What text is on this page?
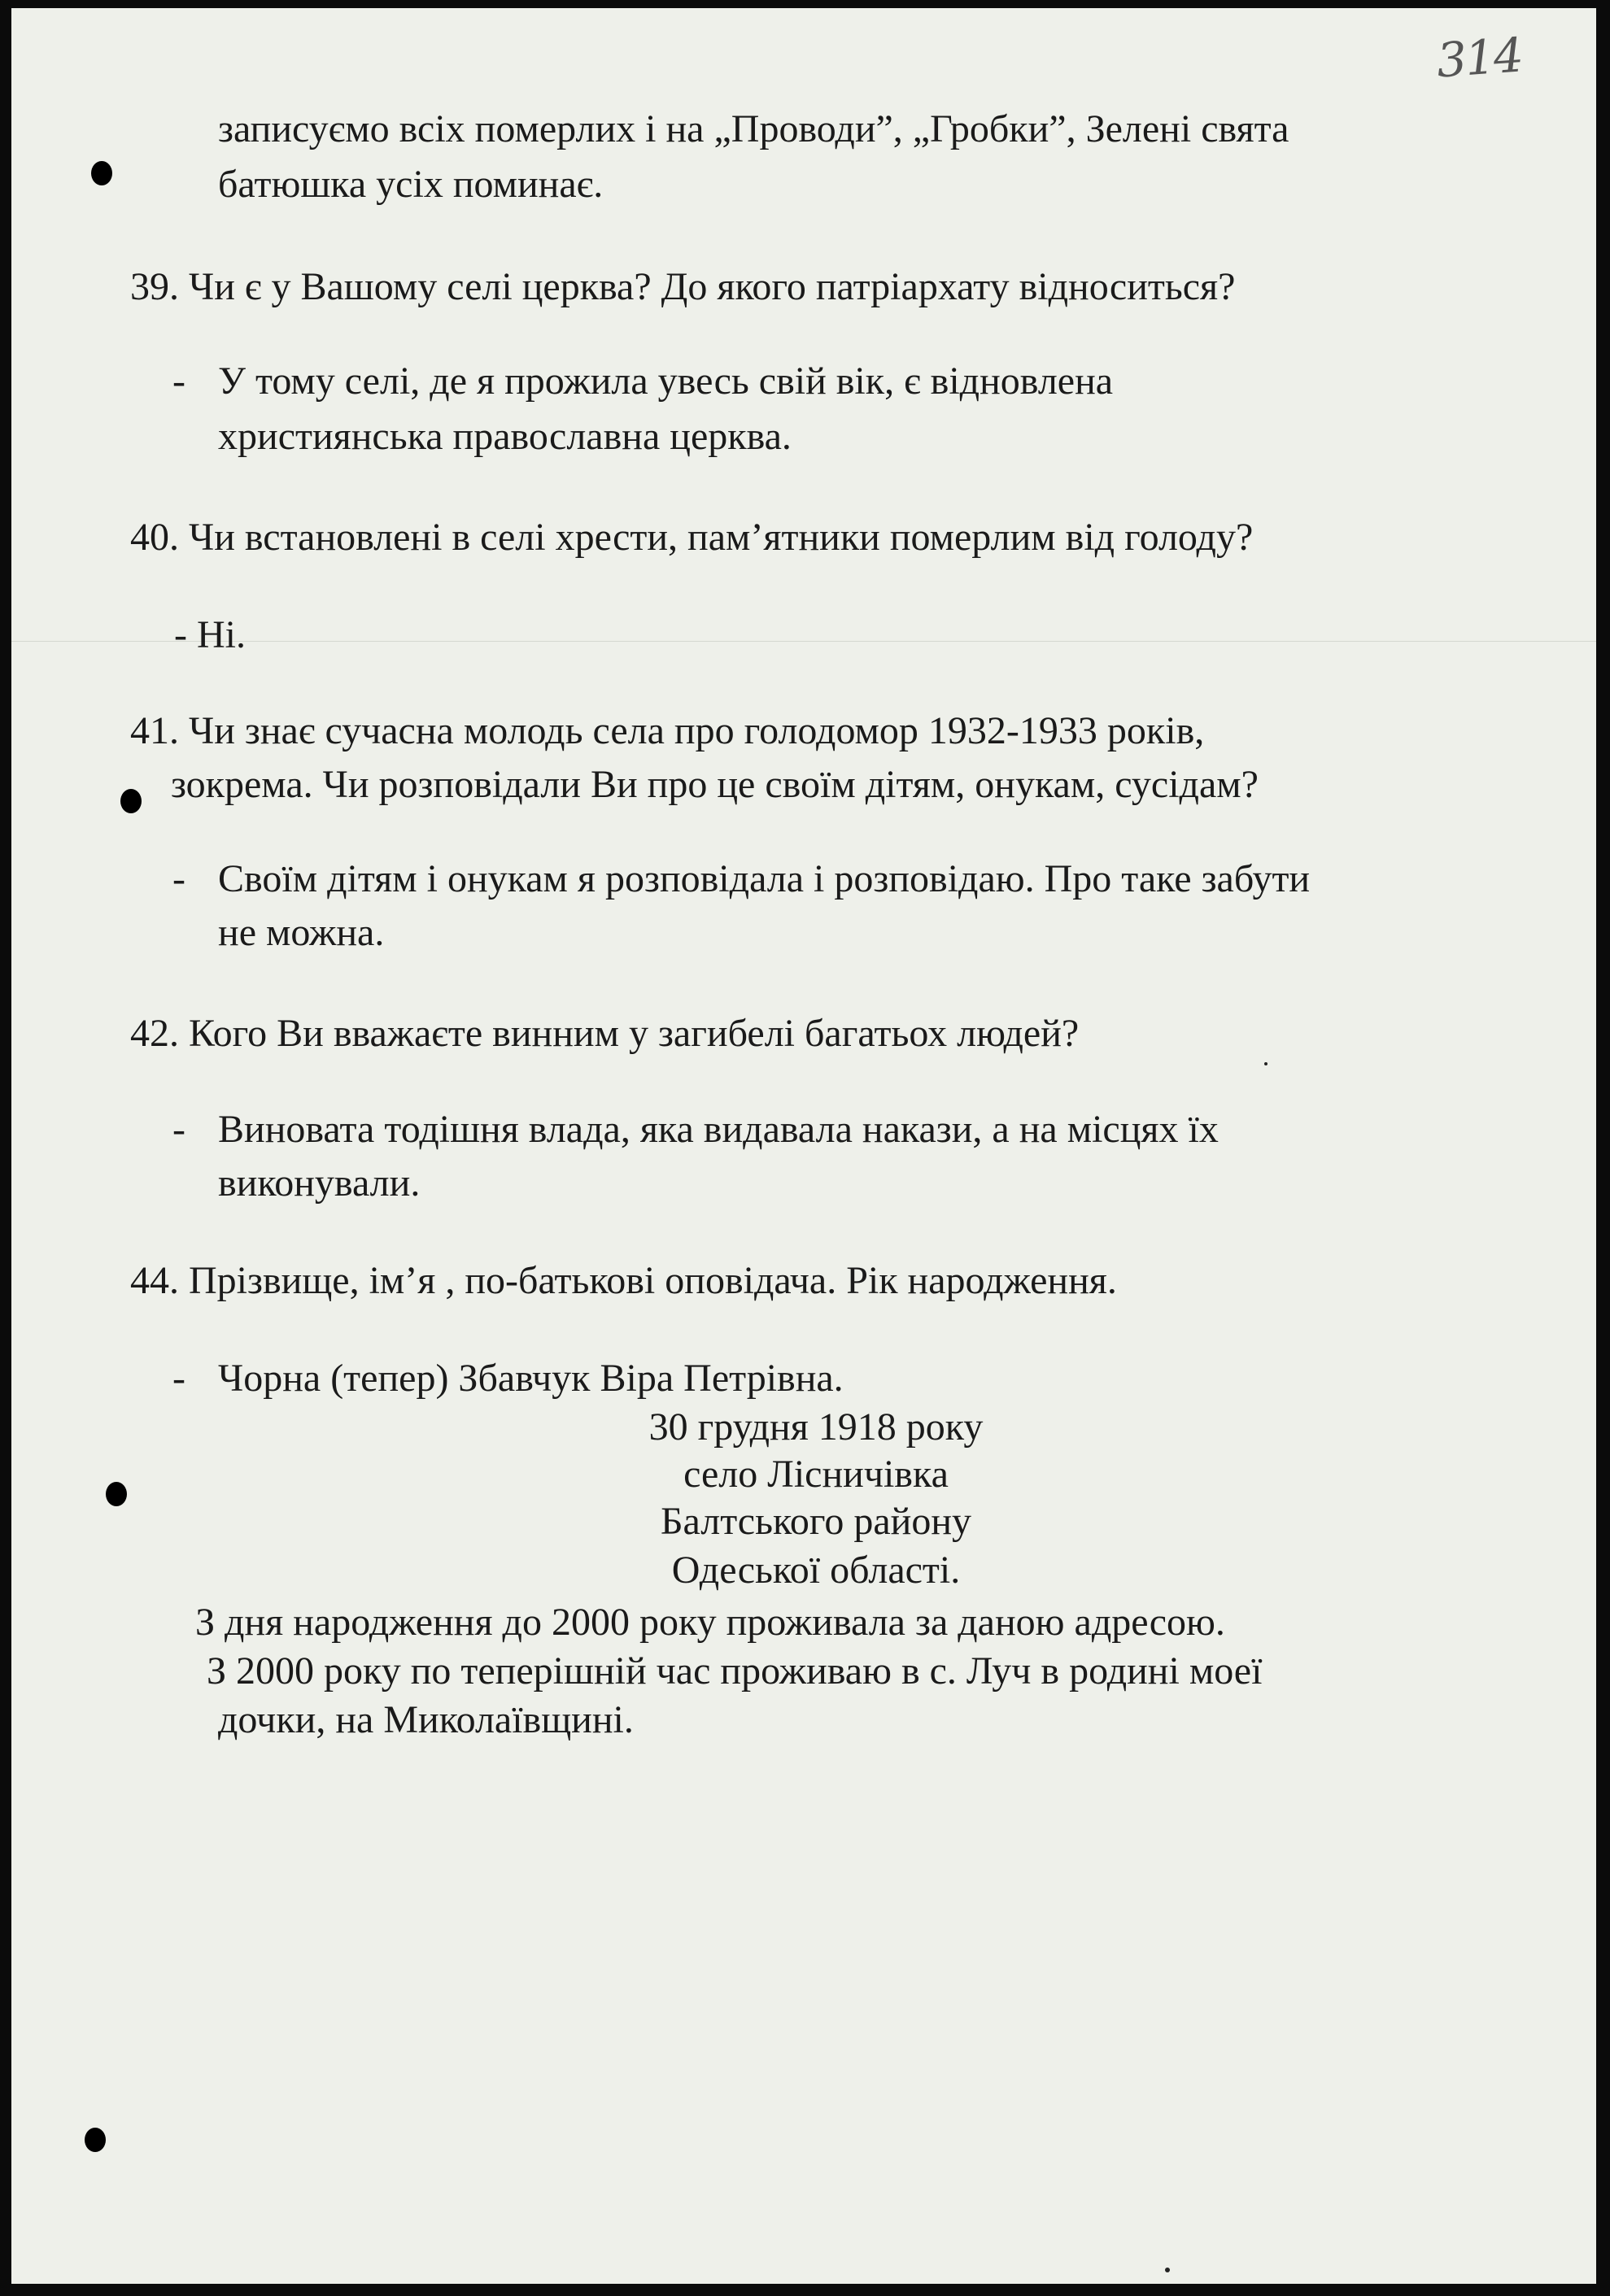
314
записуємо всіх померлих і на „Проводи”, „Гробки”, Зелені свята
батюшка усіх поминає.
39. Чи є у Вашому селі церква? До якого патріархату відноситься?
- У тому селі, де я прожила увесь свій вік, є відновлена
християнська православна церква.
40. Чи встановлені в селі хрести, пам’ятники померлим від голоду?
- Ні.
41. Чи знає сучасна молодь села про голодомор 1932-1933 років,
зокрема. Чи розповідали Ви про це своїм дітям, онукам, сусідам?
- Своїм дітям і онукам я розповідала і розповідаю. Про таке забути
не можна.
42. Кого Ви вважаєте винним у загибелі багатьох людей?
- Виновата тодішня влада, яка видавала накази, а на місцях їх
виконували.
44. Прізвище, ім’я , по-батькові оповідача. Рік народження.
- Чорна (тепер) Збавчук Віра Петрівна.
30 грудня 1918 року
село Лісничівка
Балтського району
Одеської області.
З дня народження до 2000 року проживала за даною адресою.
З 2000 року по теперішній час проживаю в с. Луч в родині моеї
дочки, на Миколаївщині.
